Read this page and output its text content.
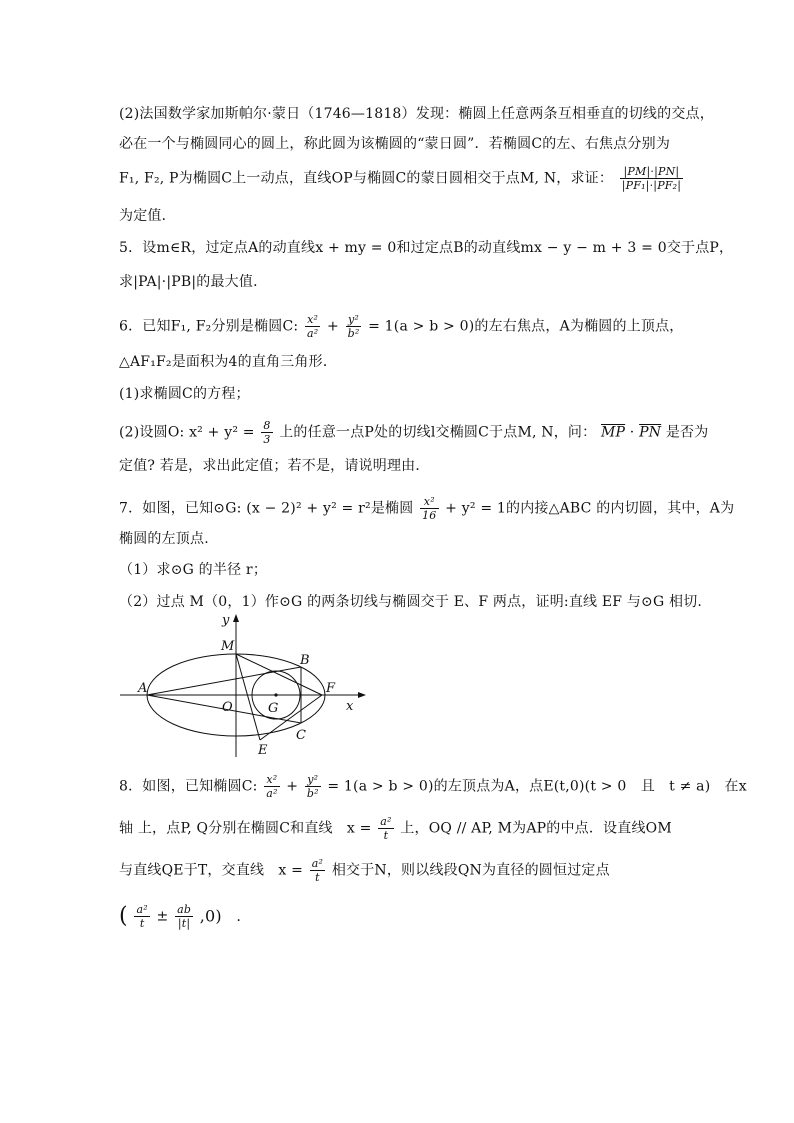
(2)法国数学家加斯帕尔·蒙日（1746—1818）发现：椭圆上任意两条互相垂直的切线的交点，
必在一个与椭圆同心的圆上，称此圆为该椭圆的“蒙日圆”．若椭圆C的左、右焦点分别为
F₁, F₂, P为椭圆C上一动点，直线OP与椭圆C的蒙日圆相交于点M, N，求证： $\frac{|PM|\cdot|PN|}{\text{|PF₁|·|PF₂|}}$
为定值．
5．设m∈R，过定点A的动直线x + my = 0和过定点B的动直线mx − y − m + 3 = 0交于点P，
求|PA|·|PB|的最大值．
6．已知F₁, F₂分别是椭圆C: $\frac{\text{x²}}{\text{a²}} + \frac{\text{y²}}{\text{b²}} = 1(a > b > 0)$的左右焦点，A为椭圆的上顶点，
△AF₁F₂是面积为4的直角三角形．
(1)求椭圆C的方程；
(2)设圆O: $x^2 + y^2 = \frac{8}{3}$ 上的任意一点P处的切线l交椭圆C于点M, N，问： $\overline{MP} \cdot \overline{PN}$ 是否为
定值? 若是，求出此定值；若不是，请说明理由．
7．如图，已知⊙G: (x − 2)² + y² = r²是椭圆 $\frac{\text{x²}}{16} + y^2 = 1$的内接△ABC 的内切圆，其中，A为
椭圆的左顶点.
（1）求⊙G 的半径 r；
（2）过点 M（0，1）作⊙G 的两条切线与椭圆交于 E、F 两点，证明:直线 EF 与⊙G 相切.
y
M
B
A	F
O	G	x
E
C
8．如图，已知椭圆C: $\frac{\text{x²}}{\text{a²}} + \frac{\text{y²}}{\text{b²}} = 1(a > b > 0)$的左顶点为A，点E(t,0)(t > 0　且　t ≠ a)　在x
轴 上，点P, Q分别在椭圆C和直线　$x = \frac{\text{a²}}{t}$ 上，OQ // AP, M为AP的中点．设直线OM
与直线QE于T，交直线　$x = \frac{\text{a²}}{t}$ 相交于N，则以线段QN为直径的圆恒过定点
( $\frac{\text{a²}}{t} \pm \frac{ab}{|t|} ,0$) ．
